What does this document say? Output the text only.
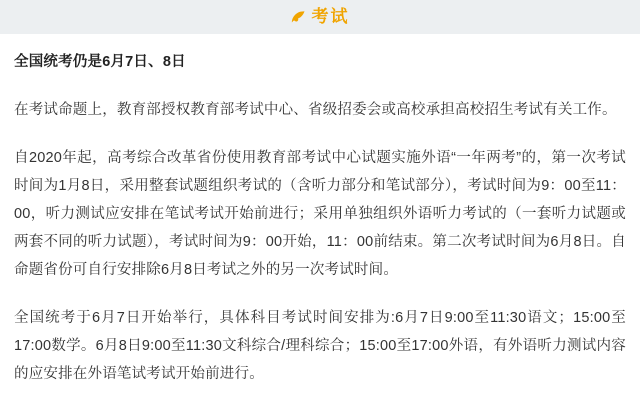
考试

全国统考仍是6月7日、8日

在考试命题上，教育部授权教育部考试中心、省级招委会或高校承担高校招生考试有关工作。

自2020年起，高考综合改革省份使用教育部考试中心试题实施外语“一年两考”的，第一次考试时间为1月8日，采用整套试题组织考试的（含听力部分和笔试部分），考试时间为9：00至11：00，听力测试应安排在笔试考试开始前进行；采用单独组织外语听力考试的（一套听力试题或两套不同的听力试题），考试时间为9：00开始，11：00前结束。第二次考试时间为6月8日。自命题省份可自行安排除6月8日考试之外的另一次考试时间。

全国统考于6月7日开始举行，具体科目考试时间安排为:6月7日9:00至11:30语文；15:00至17:00数学。6月8日9:00至11:30文科综合/理科综合；15:00至17:00外语，有外语听力测试内容的应安排在外语笔试考试开始前进行。
